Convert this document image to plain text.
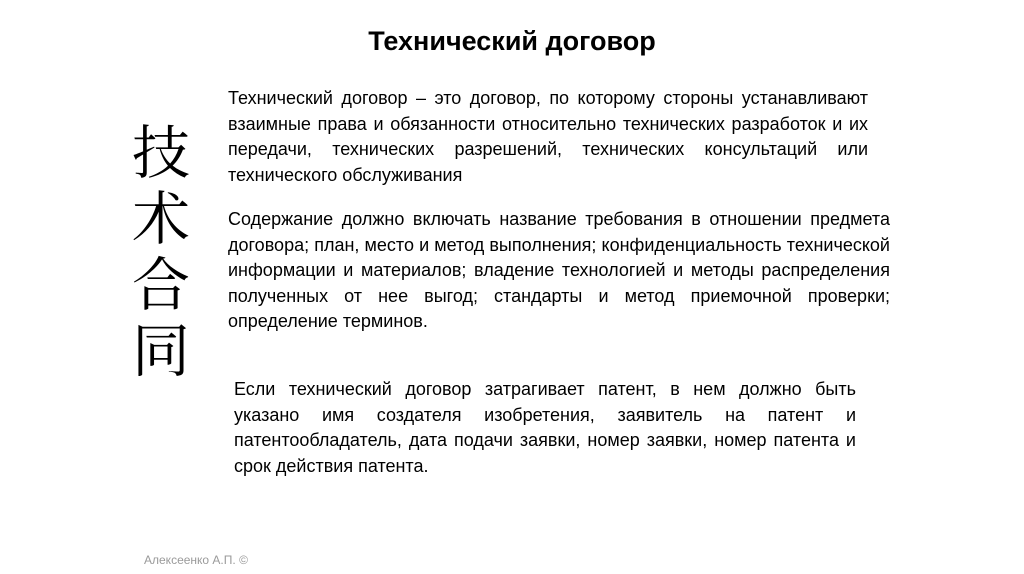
Технический договор
技
术
合
同

Технический договор – это договор, по которому стороны устанавливают взаимные права и обязанности относительно технических разработок и их передачи, технических разрешений, технических консультаций или технического обслуживания

Содержание должно включать название требования в отношении предмета договора; план, место и метод выполнения; конфиденциальность технической информации и материалов; владение технологией и методы распределения полученных от нее выгод; стандарты и метод приемочной проверки; определение терминов.

Если технический договор затрагивает патент, в нем должно быть указано имя создателя изобретения, заявитель на патент и патентообладатель, дата подачи заявки, номер заявки, номер патента и срок действия патента.

Алексеенко А.П. ©
